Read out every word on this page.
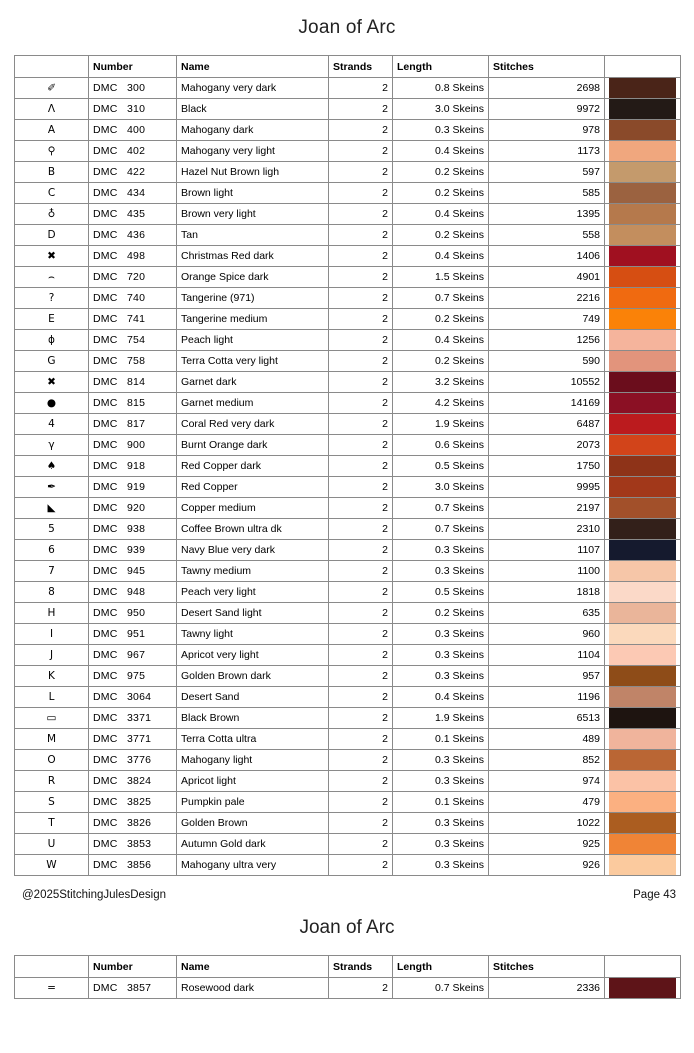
Joan of Arc
	Number	Name	Strands	Length	Stitches	
✐	DMC 300	Mahogany very dark	2	0.8 Skeins	2698	

Λ	DMC 310	Black	2	3.0 Skeins	9972	

A	DMC 400	Mahogany dark	2	0.3 Skeins	978	

⚲	DMC 402	Mahogany very light	2	0.4 Skeins	1173	

B	DMC 422	Hazel Nut Brown ligh	2	0.2 Skeins	597	

C	DMC 434	Brown light	2	0.2 Skeins	585	

♁	DMC 435	Brown very light	2	0.4 Skeins	1395	

D	DMC 436	Tan	2	0.2 Skeins	558	

✖	DMC 498	Christmas Red dark	2	0.4 Skeins	1406	

⌢	DMC 720	Orange Spice dark	2	1.5 Skeins	4901	

?	DMC 740	Tangerine (971)	2	0.7 Skeins	2216	

E	DMC 741	Tangerine medium	2	0.2 Skeins	749	

ϕ	DMC 754	Peach light	2	0.4 Skeins	1256	

G	DMC 758	Terra Cotta very light	2	0.2 Skeins	590	

✖	DMC 814	Garnet dark	2	3.2 Skeins	10552	

●	DMC 815	Garnet medium	2	4.2 Skeins	14169	

4	DMC 817	Coral Red very dark	2	1.9 Skeins	6487	

γ	DMC 900	Burnt Orange dark	2	0.6 Skeins	2073	

♠	DMC 918	Red Copper dark	2	0.5 Skeins	1750	

✒	DMC 919	Red Copper	2	3.0 Skeins	9995	

◣	DMC 920	Copper medium	2	0.7 Skeins	2197	

5	DMC 938	Coffee Brown ultra dk	2	0.7 Skeins	2310	

6	DMC 939	Navy Blue very dark	2	0.3 Skeins	1107	

7	DMC 945	Tawny medium	2	0.3 Skeins	1100	

8	DMC 948	Peach very light	2	0.5 Skeins	1818	

H	DMC 950	Desert Sand light	2	0.2 Skeins	635	

I	DMC 951	Tawny light	2	0.3 Skeins	960	

J	DMC 967	Apricot very light	2	0.3 Skeins	1104	

K	DMC 975	Golden Brown dark	2	0.3 Skeins	957	

L	DMC 3064	Desert Sand	2	0.4 Skeins	1196	

▭	DMC 3371	Black Brown	2	1.9 Skeins	6513	

M	DMC 3771	Terra Cotta ultra	2	0.1 Skeins	489	

O	DMC 3776	Mahogany light	2	0.3 Skeins	852	

R	DMC 3824	Apricot light	2	0.3 Skeins	974	

S	DMC 3825	Pumpkin pale	2	0.1 Skeins	479	

T	DMC 3826	Golden Brown	2	0.3 Skeins	1022	

U	DMC 3853	Autumn Gold dark	2	0.3 Skeins	925	

W	DMC 3856	Mahogany ultra very	2	0.3 Skeins	926	
@2025StitchingJulesDesign	Page 43
Joan of Arc
	Number	Name	Strands	Length	Stitches	
=	DMC 3857	Rosewood dark	2	0.7 Skeins	2336	
